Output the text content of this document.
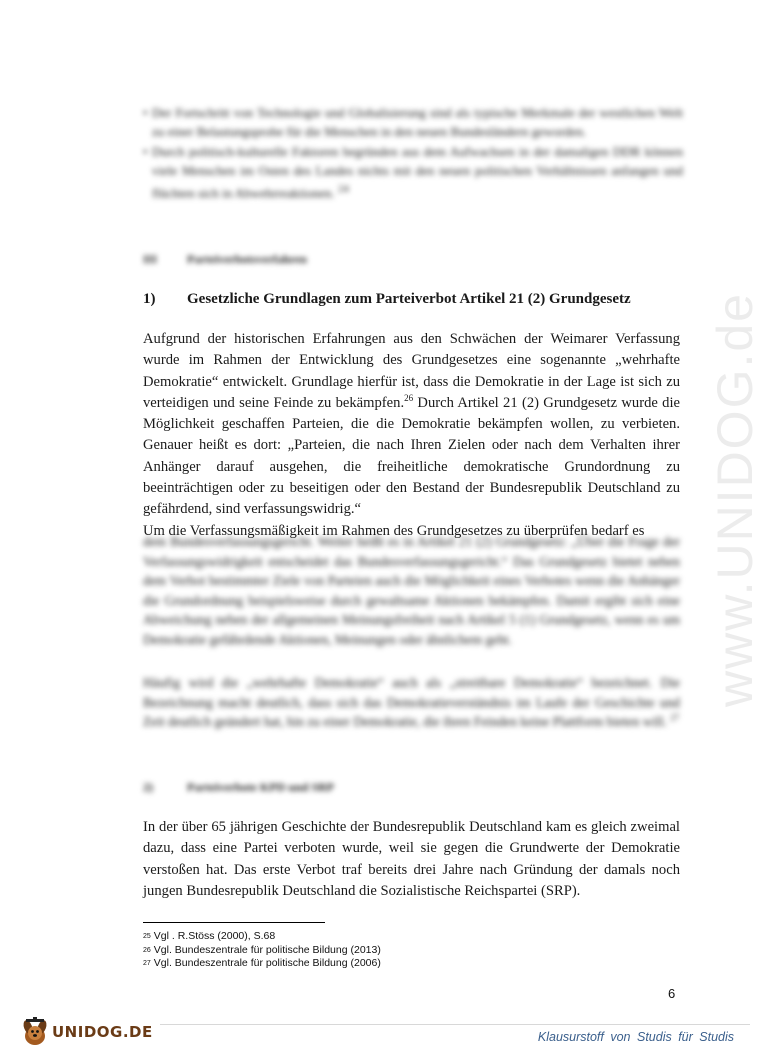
www.UNIDOG.de

• Der Fortschritt von Technologie und Globalisierung sind als typische Merkmale der westlichen Welt zu einer Belastungsprobe für die Menschen in den neuen Bundesländern geworden.

• Durch politisch-kulturelle Faktoren begründen aus dem Aufwachsen in der damaligen DDR können viele Menschen im Osten des Landes nichts mit den neuen politischen Verhältnissen anfangen und flüchten sich in Abwehrreaktionen. $^{24}$

III	Parteiverbotsverfahren
1)	Gesetzliche Grundlagen zum Parteiverbot Artikel 21 (2) Grundgesetz

Aufgrund der historischen Erfahrungen aus den Schwächen der Weimarer Verfassung wurde im Rahmen der Entwicklung des Grundgesetzes eine sogenannte „wehrhafte Demokratie“ entwickelt. Grundlage hierfür ist, dass die Demokratie in der Lage ist sich zu verteidigen und seine Feinde zu bekämpfen.$^{26}$ Durch Artikel 21 (2) Grundgesetz wurde die Möglichkeit geschaffen Parteien, die die Demokratie bekämpfen wollen, zu verbieten. Genauer heißt es dort: „Parteien, die nach Ihren Zielen oder nach dem Verhalten ihrer Anhänger darauf ausgehen, die freiheitliche demokratische Grundordnung zu beeinträchtigen oder zu beseitigen oder den Bestand der Bundesrepublik Deutschland zu gefährdend, sind verfassungswidrig.“
Um die Verfassungsmäßigkeit im Rahmen des Grundgesetzes zu überprüfen bedarf es

dem Bundesverfassungsgericht. Weiter heißt es in Artikel 21 (2) Grundgesetz: „Über die Frage der Verfassungswidrigkeit entscheidet das Bundesverfassungsgericht.“ Das Grundgesetz bietet neben dem Verbot bestimmter Ziele von Parteien auch die Möglichkeit eines Verbotes wenn die Anhänger die Grundordnung beispielsweise durch gewaltsame Aktionen bekämpfen. Damit ergibt sich eine Abweichung neben der allgemeinen Meinungsfreiheit nach Artikel 5 (1) Grundgesetz, wenn es um Demokratie gefährdende Aktionen, Meinungen oder ähnlichem geht.

Häufig wird die „wehrhafte Demokratie“ auch als „streitbare Demokratie“ bezeichnet. Die Bezeichnung macht deutlich, dass sich das Demokratieverständnis im Laufe der Geschichte und Zeit deutlich geändert hat, hin zu einer Demokratie, die ihren Feinden keine Plattform bieten will. $^{27}$

2)	Parteiverbote KPD und SRP

In der über 65 jährigen Geschichte der Bundesrepublik Deutschland kam es gleich zweimal dazu, dass eine Partei verboten wurde, weil sie gegen die Grundwerte der Demokratie verstoßen hat. Das erste Verbot traf bereits drei Jahre nach Gründung der damals noch jungen Bundesrepublik Deutschland die Sozialistische Reichspartei (SRP).

25 Vgl . R.Stöss (2000), S.68
26 Vgl. Bundeszentrale für politische Bildung (2013)
27 Vgl. Bundeszentrale für politische Bildung (2006)
6
UNIDOG.DE	Klausurstoff von Studis für Studis
